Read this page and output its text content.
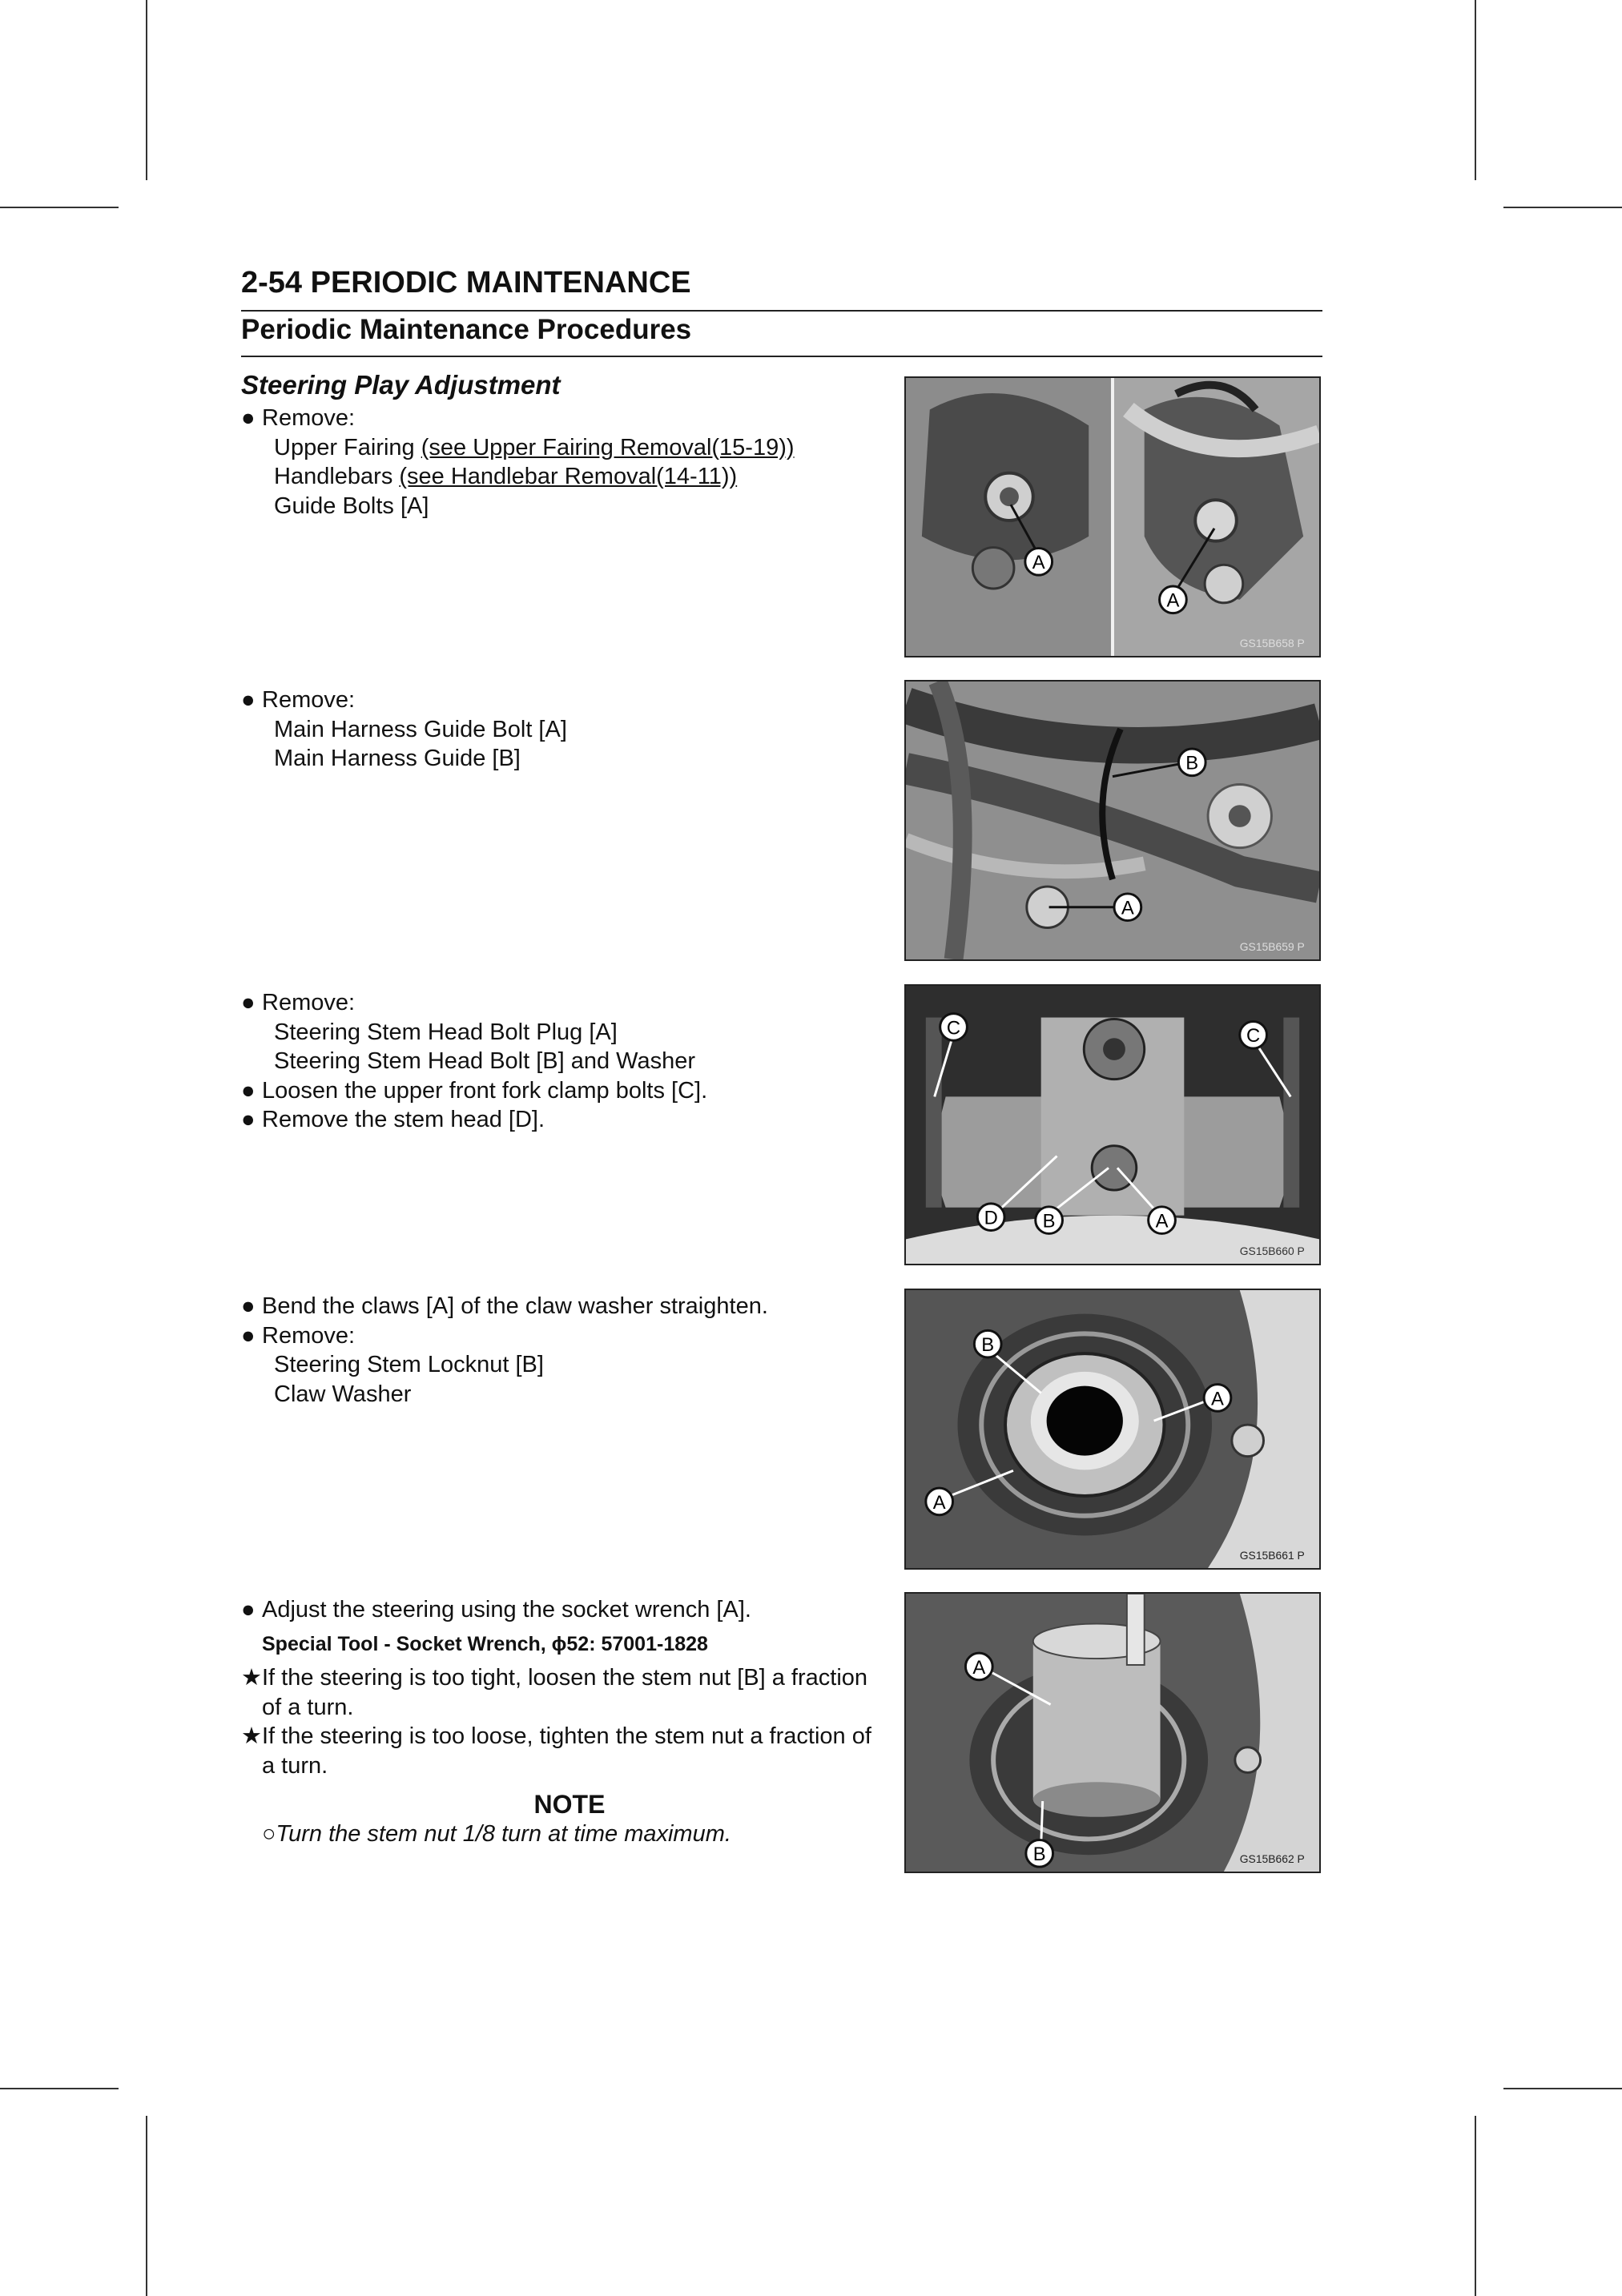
2-54 PERIODIC MAINTENANCE
Periodic Maintenance Procedures
Steering Play Adjustment
● Remove:
Upper Fairing (see Upper Fairing Removal(15-19))
Handlebars (see Handlebar Removal(14-11))
Guide Bolts [A]
● Remove:
Main Harness Guide Bolt [A]
Main Harness Guide [B]
● Remove:
Steering Stem Head Bolt Plug [A]
Steering Stem Head Bolt [B] and Washer
● Loosen the upper front fork clamp bolts [C].
● Remove the stem head [D].
● Bend the claws [A] of the claw washer straighten.
● Remove:
Steering Stem Locknut [B]
Claw Washer
● Adjust the steering using the socket wrench [A].
Special Tool - Socket Wrench, ϕ52: 57001-1828
★ If the steering is too tight, loosen the stem nut [B] a fraction of a turn.
★ If the steering is too loose, tighten the stem nut a fraction of a turn.
NOTE
○Turn the stem nut 1/8 turn at time maximum.
A
A
GS15B658 P
A
B
GS15B659 P
C	C
D B	A
GS15B660 P
B
A
A
GS15B661 P
A
B	GS15B662 P
